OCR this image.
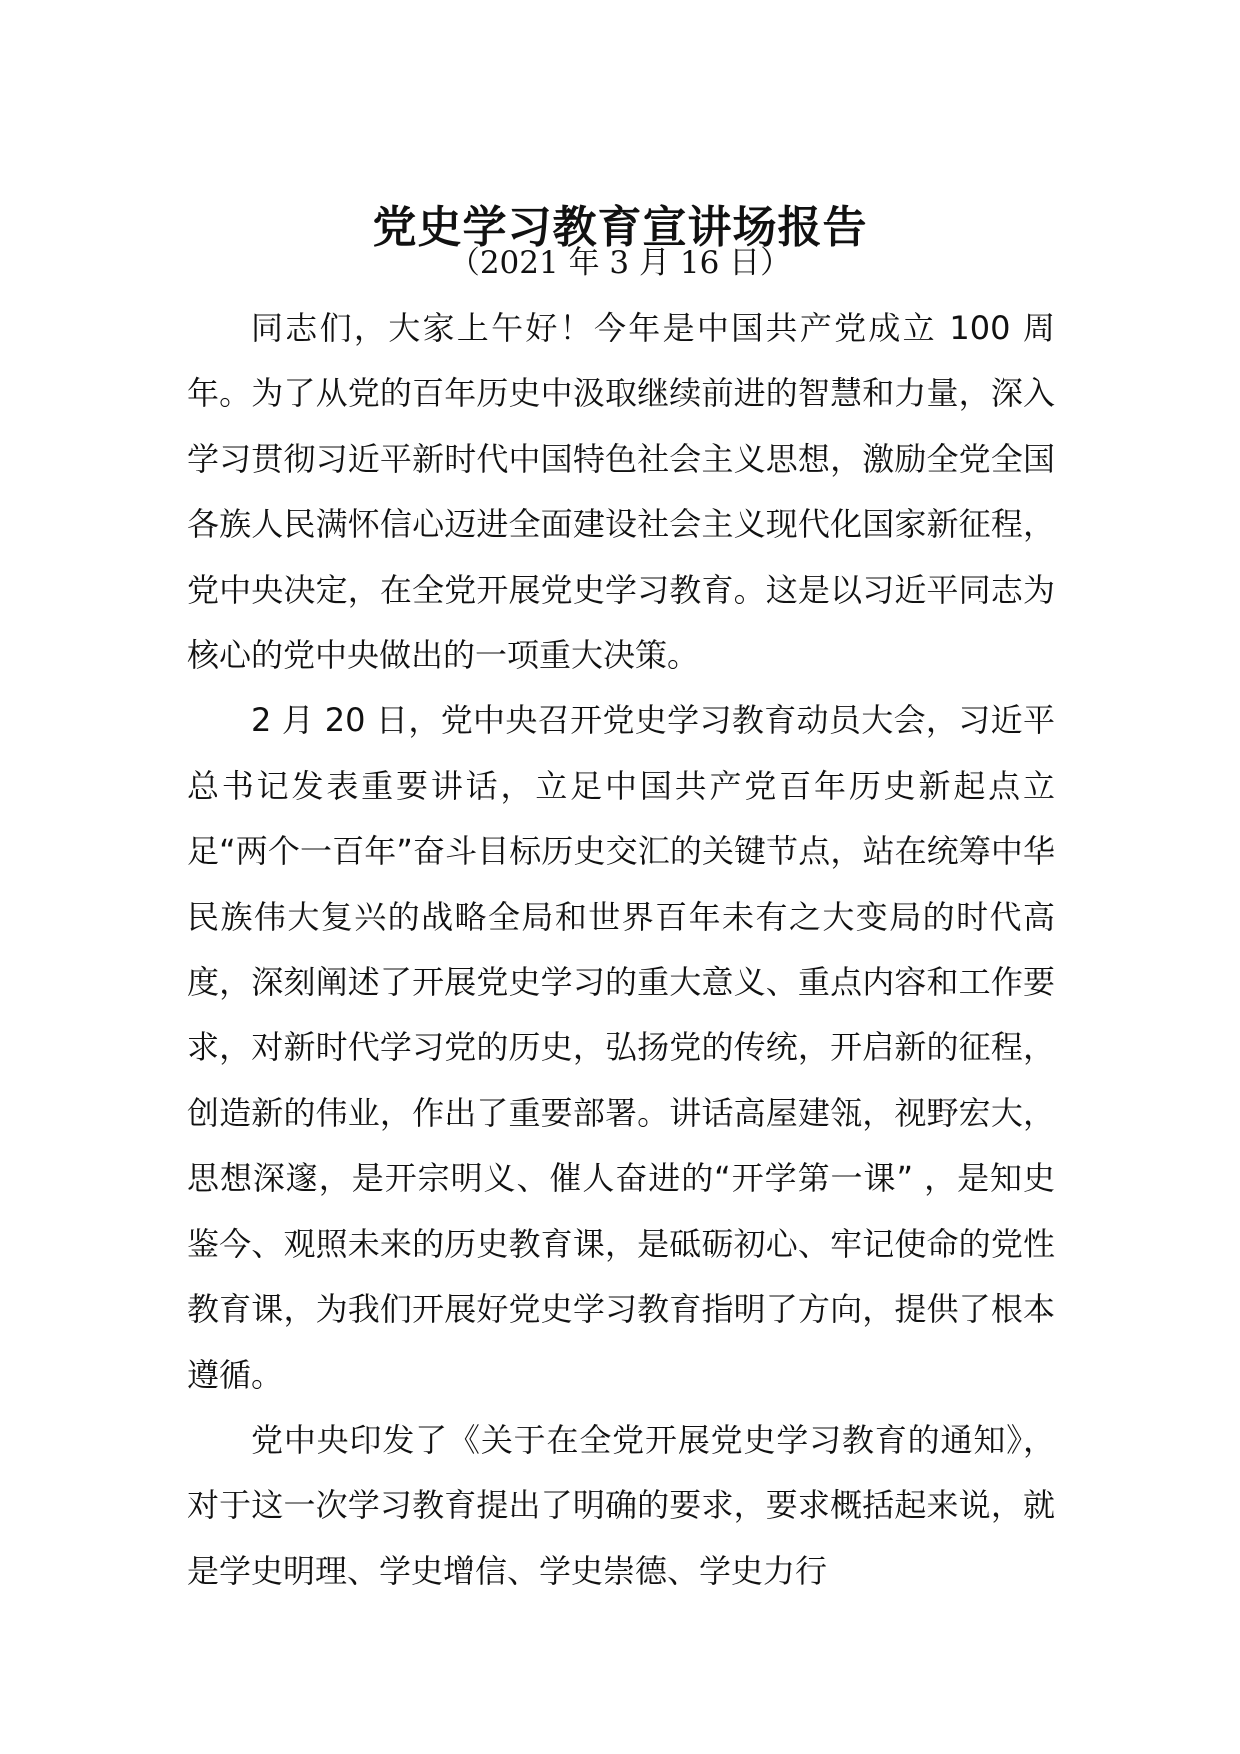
党史学习教育宣讲场报告
（2021 年 3 月 16 日）

同志们，大家上午好！今年是中国共产党成立 100 周年。为了从党的百年历史中汲取继续前进的智慧和力量，深入学习贯彻习近平新时代中国特色社会主义思想，激励全党全国各族人民满怀信心迈进全面建设社会主义现代化国家新征程，党中央决定，在全党开展党史学习教育。这是以习近平同志为核心的党中央做出的一项重大决策。

2 月 20 日，党中央召开党史学习教育动员大会，习近平总书记发表重要讲话，立足中国共产党百年历史新起点立足“两个一百年”奋斗目标历史交汇的关键节点，站在统筹中华民族伟大复兴的战略全局和世界百年未有之大变局的时代高度，深刻阐述了开展党史学习的重大意义、重点内容和工作要求，对新时代学习党的历史，弘扬党的传统，开启新的征程，创造新的伟业，作出了重要部署。讲话高屋建瓴，视野宏大，思想深邃，是开宗明义、催人奋进的“开学第一课” ，是知史鉴今、观照未来的历史教育课，是砥砺初心、牢记使命的党性教育课，为我们开展好党史学习教育指明了方向，提供了根本遵循。

党中央印发了《关于在全党开展党史学习教育的通知》，对于这一次学习教育提出了明确的要求，要求概括起来说，就是学史明理、学史增信、学史崇德、学史力行
